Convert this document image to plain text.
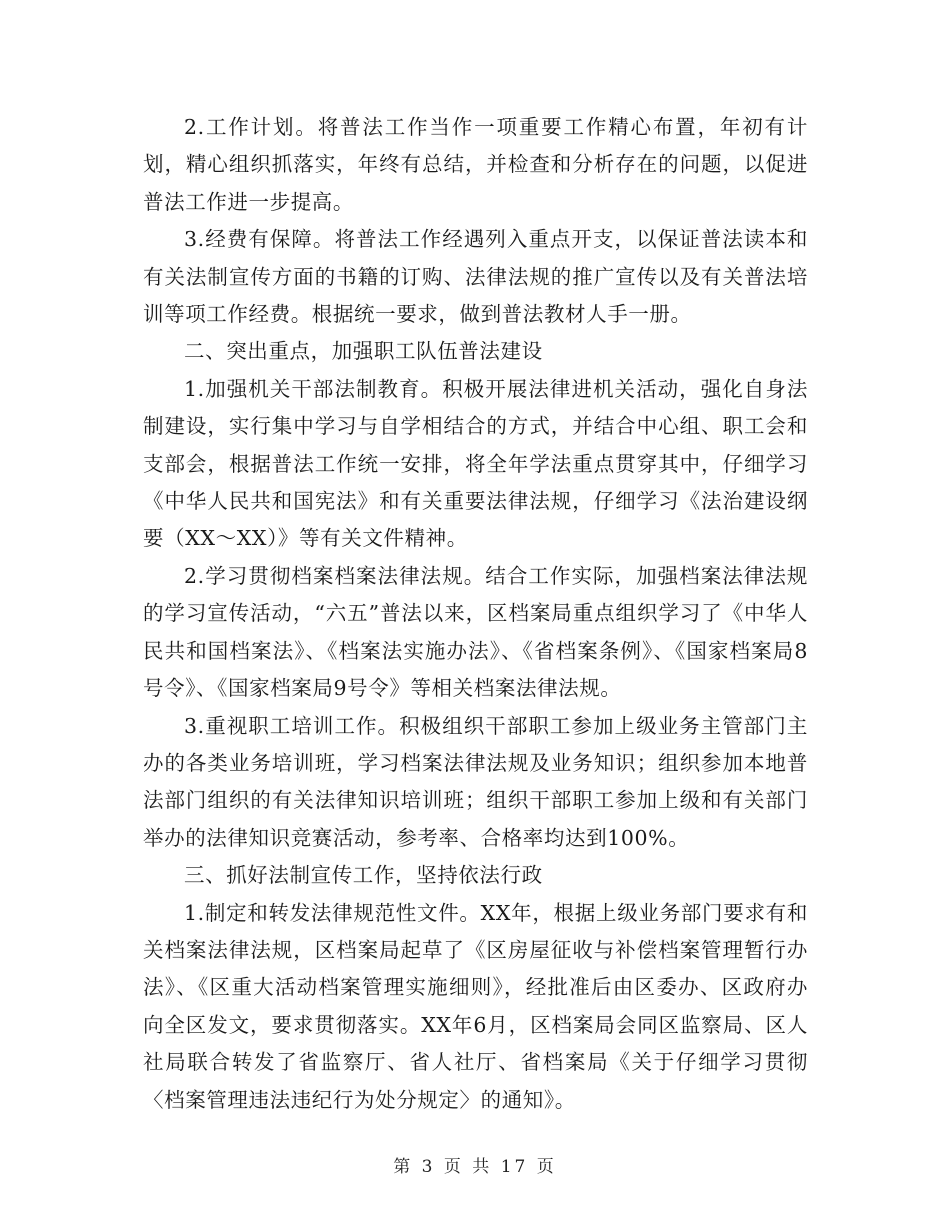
2.工作计划。将普法工作当作一项重要工作精心布置，年初有计划，精心组织抓落实，年终有总结，并检查和分析存在的问题，以促进普法工作进一步提高。

3.经费有保障。将普法工作经遇列入重点开支，以保证普法读本和有关法制宣传方面的书籍的订购、法律法规的推广宣传以及有关普法培训等项工作经费。根据统一要求，做到普法教材人手一册。

二、突出重点，加强职工队伍普法建设

1.加强机关干部法制教育。积极开展法律进机关活动，强化自身法制建设，实行集中学习与自学相结合的方式，并结合中心组、职工会和支部会，根据普法工作统一安排，将全年学法重点贯穿其中，仔细学习《中华人民共和国宪法》和有关重要法律法规，仔细学习《法治建设纲要（XX～XX）》等有关文件精神。

2.学习贯彻档案档案法律法规。结合工作实际，加强档案法律法规的学习宣传活动，“六五”普法以来，区档案局重点组织学习了《中华人民共和国档案法》、《档案法实施办法》、《省档案条例》、《国家档案局8号令》、《国家档案局9号令》等相关档案法律法规。

3.重视职工培训工作。积极组织干部职工参加上级业务主管部门主办的各类业务培训班，学习档案法律法规及业务知识；组织参加本地普法部门组织的有关法律知识培训班；组织干部职工参加上级和有关部门举办的法律知识竞赛活动，参考率、合格率均达到100%。

三、抓好法制宣传工作，坚持依法行政

1.制定和转发法律规范性文件。XX年，根据上级业务部门要求有和关档案法律法规，区档案局起草了《区房屋征收与补偿档案管理暂行办法》、《区重大活动档案管理实施细则》，经批准后由区委办、区政府办向全区发文，要求贯彻落实。XX年6月，区档案局会同区监察局、区人社局联合转发了省监察厅、省人社厅、省档案局《关于仔细学习贯彻〈档案管理违法违纪行为处分规定〉的通知》。

第 3 页 共 17 页
